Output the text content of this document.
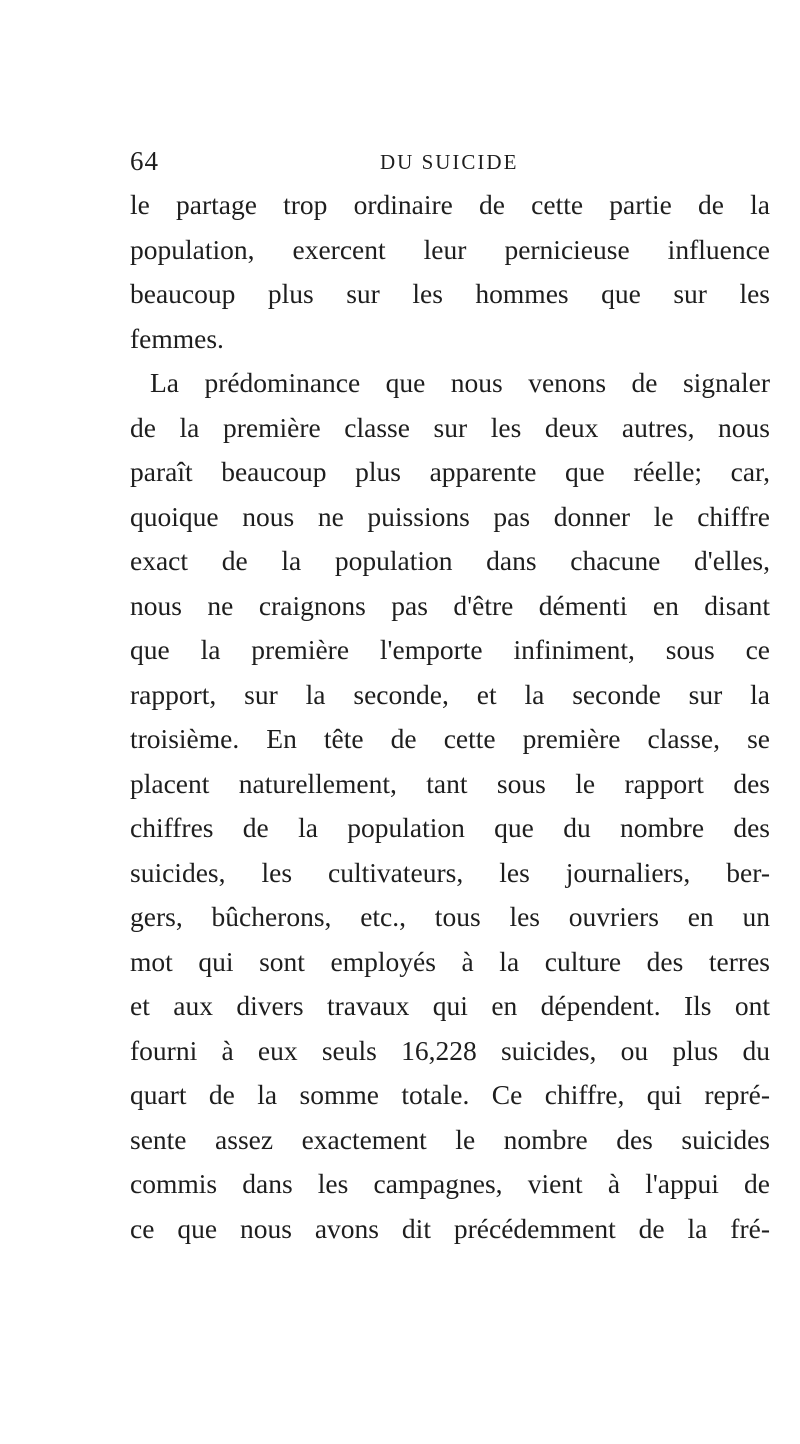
64	DU SUICIDE
le partage trop ordinaire de cette partie de la
population, exercent leur pernicieuse influence
beaucoup plus sur les hommes que sur les
femmes.
La prédominance que nous venons de signaler
de la première classe sur les deux autres, nous
paraît beaucoup plus apparente que réelle; car,
quoique nous ne puissions pas donner le chiffre
exact de la population dans chacune d'elles,
nous ne craignons pas d'être démenti en disant
que la première l'emporte infiniment, sous ce
rapport, sur la seconde, et la seconde sur la
troisième. En tête de cette première classe, se
placent naturellement, tant sous le rapport des
chiffres de la population que du nombre des
suicides, les cultivateurs, les journaliers, ber-
gers, bûcherons, etc., tous les ouvriers en un
mot qui sont employés à la culture des terres
et aux divers travaux qui en dépendent. Ils ont
fourni à eux seuls 16,228 suicides, ou plus du
quart de la somme totale. Ce chiffre, qui repré-
sente assez exactement le nombre des suicides
commis dans les campagnes, vient à l'appui de
ce que nous avons dit précédemment de la fré-
